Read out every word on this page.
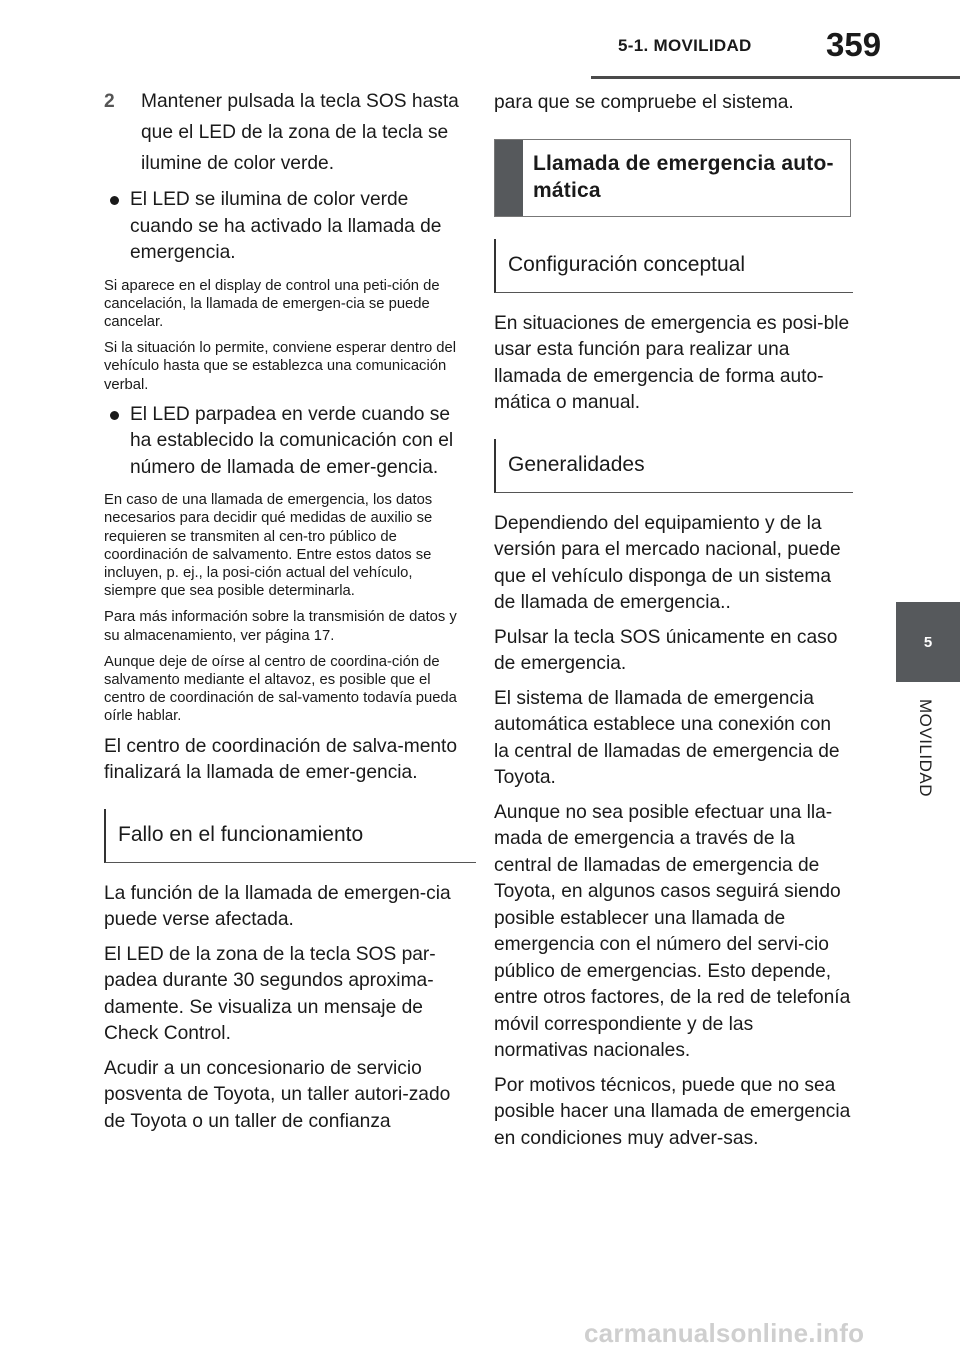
5-1. MOVILIDAD 359
5
MOVILIDAD
2	Mantener pulsada la tecla SOS hasta que el LED de la zona de la tecla se ilumine de color verde.
El LED se ilumina de color verde cuando se ha activado la llamada de emergencia.

Si aparece en el display de control una peti-ción de cancelación, la llamada de emergen-cia se puede cancelar.

Si la situación lo permite, conviene esperar dentro del vehículo hasta que se establezca una comunicación verbal.

El LED parpadea en verde cuando se ha establecido la comunicación con el número de llamada de emer-gencia.

En caso de una llamada de emergencia, los datos necesarios para decidir qué medidas de auxilio se requieren se transmiten al cen-tro público de coordinación de salvamento. Entre estos datos se incluyen, p. ej., la posi-ción actual del vehículo, siempre que sea posible determinarla.

Para más información sobre la transmisión de datos y su almacenamiento, ver página 17.

Aunque deje de oírse al centro de coordina-ción de salvamento mediante el altavoz, es posible que el centro de coordinación de sal-vamento todavía pueda oírle hablar.

El centro de coordinación de salva-mento finalizará la llamada de emer-gencia.

Fallo en el funcionamiento

La función de la llamada de emergen-cia puede verse afectada.

El LED de la zona de la tecla SOS par-padea durante 30 segundos aproxima-damente. Se visualiza un mensaje de Check Control.

Acudir a un concesionario de servicio posventa de Toyota, un taller autori-zado de Toyota o un taller de confianza

para que se compruebe el sistema.

Llamada de emergencia auto-mática
Configuración conceptual

En situaciones de emergencia es posi-ble usar esta función para realizar una llamada de emergencia de forma auto-mática o manual.

Generalidades

Dependiendo del equipamiento y de la versión para el mercado nacional, puede que el vehículo disponga de un sistema de llamada de emergencia..

Pulsar la tecla SOS únicamente en caso de emergencia.

El sistema de llamada de emergencia automática establece una conexión con la central de llamadas de emergencia de Toyota.

Aunque no sea posible efectuar una lla-mada de emergencia a través de la central de llamadas de emergencia de Toyota, en algunos casos seguirá siendo posible establecer una llamada de emergencia con el número del servi-cio público de emergencias. Esto depende, entre otros factores, de la red de telefonía móvil correspondiente y de las normativas nacionales.

Por motivos técnicos, puede que no sea posible hacer una llamada de emergencia en condiciones muy adver-sas.

carmanualsonline.info
